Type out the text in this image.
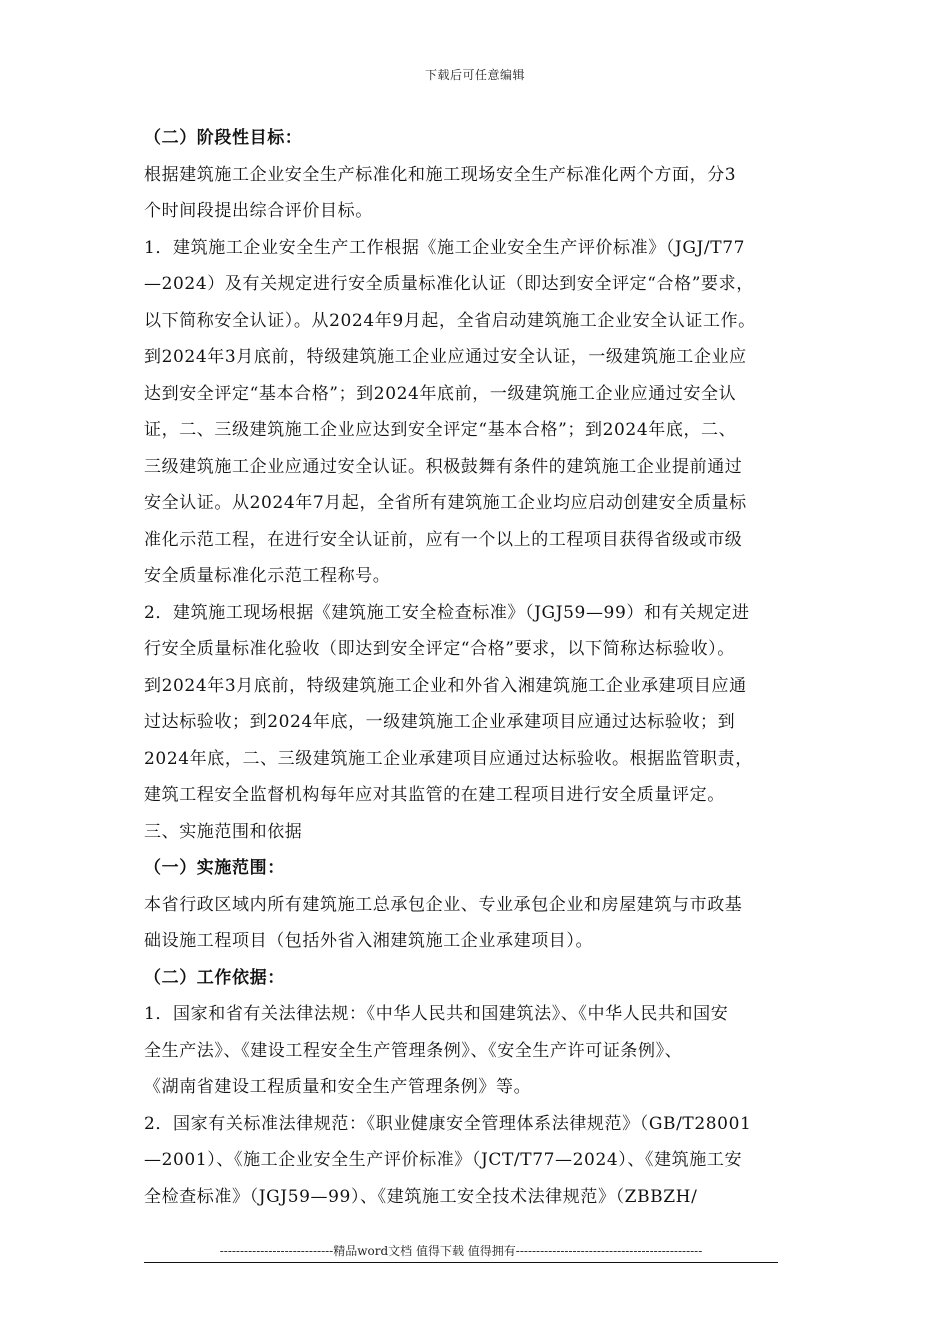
下载后可任意编辑
（二）阶段性目标：
根据建筑施工企业安全生产标准化和施工现场安全生产标准化两个方面，分3
个时间段提出综合评价目标。
1．建筑施工企业安全生产工作根据《施工企业安全生产评价标准》（JGJ/T77
—2024）及有关规定进行安全质量标准化认证（即达到安全评定“合格”要求，
以下简称安全认证）。从2024年9月起，全省启动建筑施工企业安全认证工作。
到2024年3月底前，特级建筑施工企业应通过安全认证，一级建筑施工企业应
达到安全评定“基本合格”；到2024年底前，一级建筑施工企业应通过安全认
证，二、三级建筑施工企业应达到安全评定“基本合格”；到2024年底，二、
三级建筑施工企业应通过安全认证。积极鼓舞有条件的建筑施工企业提前通过
安全认证。从2024年7月起，全省所有建筑施工企业均应启动创建安全质量标
准化示范工程，在进行安全认证前，应有一个以上的工程项目获得省级或市级
安全质量标准化示范工程称号。
2．建筑施工现场根据《建筑施工安全检查标准》（JGJ59—99）和有关规定进
行安全质量标准化验收（即达到安全评定“合格”要求，以下简称达标验收）。
到2024年3月底前，特级建筑施工企业和外省入湘建筑施工企业承建项目应通
过达标验收；到2024年底，一级建筑施工企业承建项目应通过达标验收；到
2024年底，二、三级建筑施工企业承建项目应通过达标验收。根据监管职责，
建筑工程安全监督机构每年应对其监管的在建工程项目进行安全质量评定。
三、实施范围和依据
（一）实施范围：
本省行政区域内所有建筑施工总承包企业、专业承包企业和房屋建筑与市政基
础设施工程项目（包括外省入湘建筑施工企业承建项目）。
（二）工作依据：
1．国家和省有关法律法规：《中华人民共和国建筑法》、《中华人民共和国安
全生产法》、《建设工程安全生产管理条例》、《安全生产许可证条例》、
《湖南省建设工程质量和安全生产管理条例》等。
2．国家有关标准法律规范：《职业健康安全管理体系法律规范》（GB/T28001
—2001）、《施工企业安全生产评价标准》（JCT/T77—2024）、《建筑施工安
全检查标准》（JGJ59—99）、《建筑施工安全技术法律规范》（ZBBZH/
----------------------------精品word文档 值得下载 值得拥有----------------------------------------------
